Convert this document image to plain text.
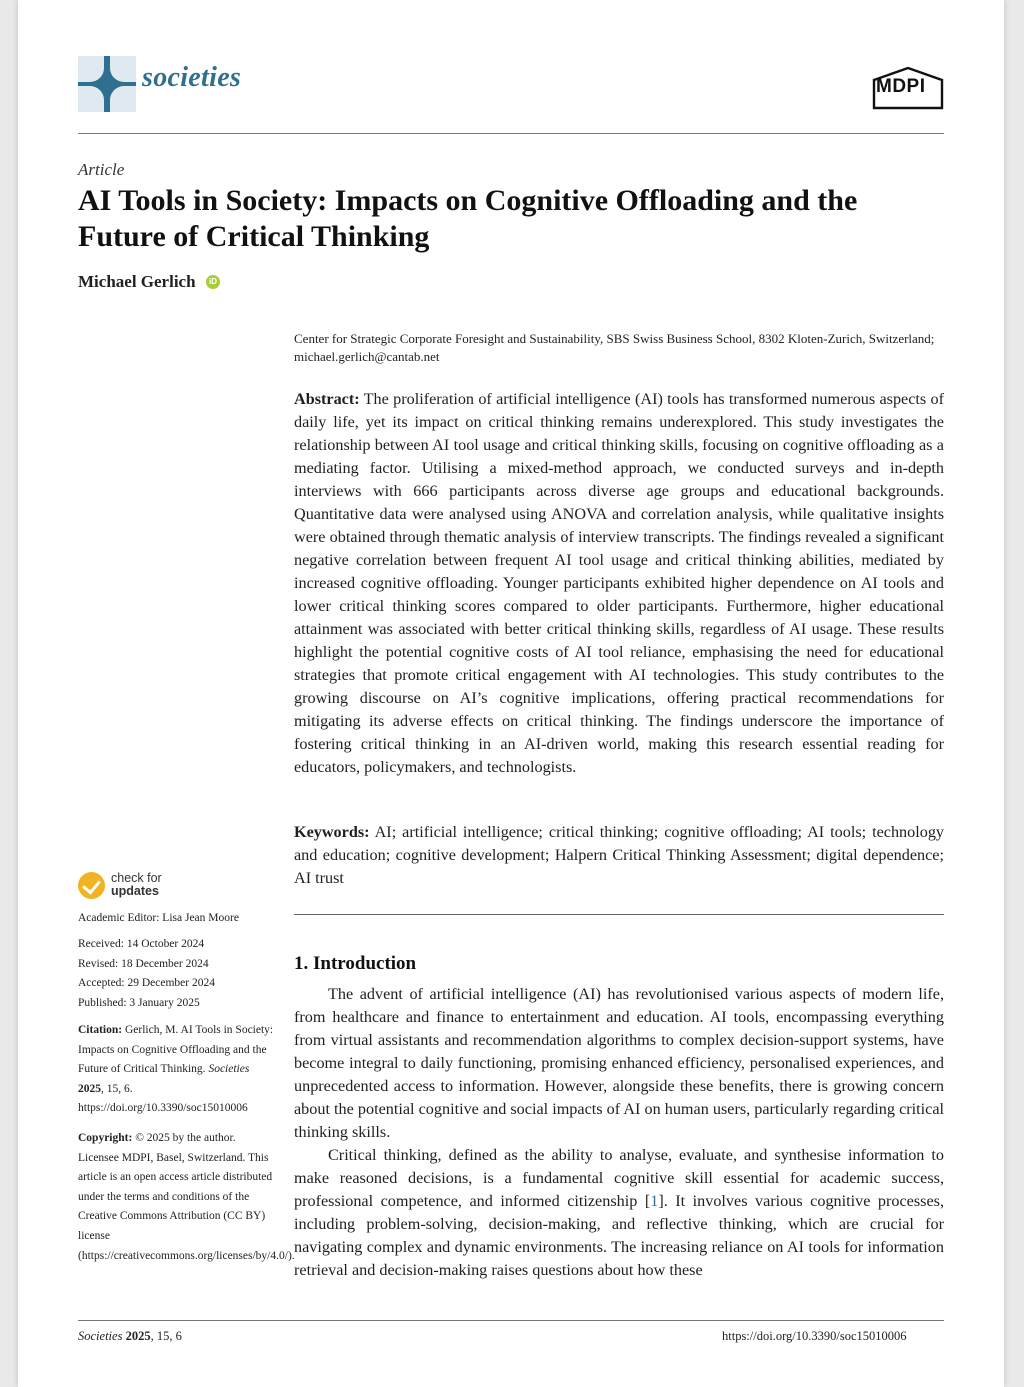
societies	MDPI
Article
AI Tools in Society: Impacts on Cognitive Offloading and the Future of Critical Thinking
Michael Gerlich	iD
Center for Strategic Corporate Foresight and Sustainability, SBS Swiss Business School, 8302 Kloten-Zurich, Switzerland; michael.gerlich@cantab.net
Abstract: The proliferation of artificial intelligence (AI) tools has transformed numerous aspects of daily life, yet its impact on critical thinking remains underexplored. This study investigates the relationship between AI tool usage and critical thinking skills, focusing on cognitive offloading as a mediating factor. Utilising a mixed-method approach, we conducted surveys and in-depth interviews with 666 participants across diverse age groups and educational backgrounds. Quantitative data were analysed using ANOVA and correlation analysis, while qualitative insights were obtained through thematic analysis of interview transcripts. The findings revealed a significant negative correlation between frequent AI tool usage and critical thinking abilities, mediated by increased cognitive offloading. Younger participants exhibited higher dependence on AI tools and lower critical thinking scores compared to older participants. Furthermore, higher educational attainment was associated with better critical thinking skills, regardless of AI usage. These results highlight the potential cognitive costs of AI tool reliance, emphasising the need for educational strategies that promote critical engagement with AI technologies. This study contributes to the growing discourse on AI’s cognitive implications, offering practical recommendations for mitigating its adverse effects on critical thinking. The findings underscore the importance of fostering critical thinking in an AI-driven world, making this research essential reading for educators, policymakers, and technologists.
Keywords: AI; artificial intelligence; critical thinking; cognitive offloading; AI tools; technology and education; cognitive development; Halpern Critical Thinking Assessment; digital dependence; AI trust
1. Introduction

The advent of artificial intelligence (AI) has revolutionised various aspects of modern life, from healthcare and finance to entertainment and education. AI tools, encompassing everything from virtual assistants and recommendation algorithms to complex decision-support systems, have become integral to daily functioning, promising enhanced efficiency, personalised experiences, and unprecedented access to information. However, alongside these benefits, there is growing concern about the potential cognitive and social impacts of AI on human users, particularly regarding critical thinking skills.

Critical thinking, defined as the ability to analyse, evaluate, and synthesise information to make reasoned decisions, is a fundamental cognitive skill essential for academic success, professional competence, and informed citizenship [1]. It involves various cognitive processes, including problem-solving, decision-making, and reflective thinking, which are crucial for navigating complex and dynamic environments. The increasing reliance on AI tools for information retrieval and decision-making raises questions about how these

check for
updates
Academic Editor: Lisa Jean Moore
Received: 14 October 2024
Revised: 18 December 2024
Accepted: 29 December 2024
Published: 3 January 2025
Citation: Gerlich, M. AI Tools in Society: Impacts on Cognitive Offloading and the Future of Critical Thinking. Societies 2025, 15, 6. https://doi.org/10.3390/soc15010006
Copyright: © 2025 by the author. Licensee MDPI, Basel, Switzerland. This article is an open access article distributed under the terms and conditions of the Creative Commons Attribution (CC BY) license (https://creativecommons.org/licenses/by/4.0/).
Societies 2025, 15, 6	https://doi.org/10.3390/soc15010006
